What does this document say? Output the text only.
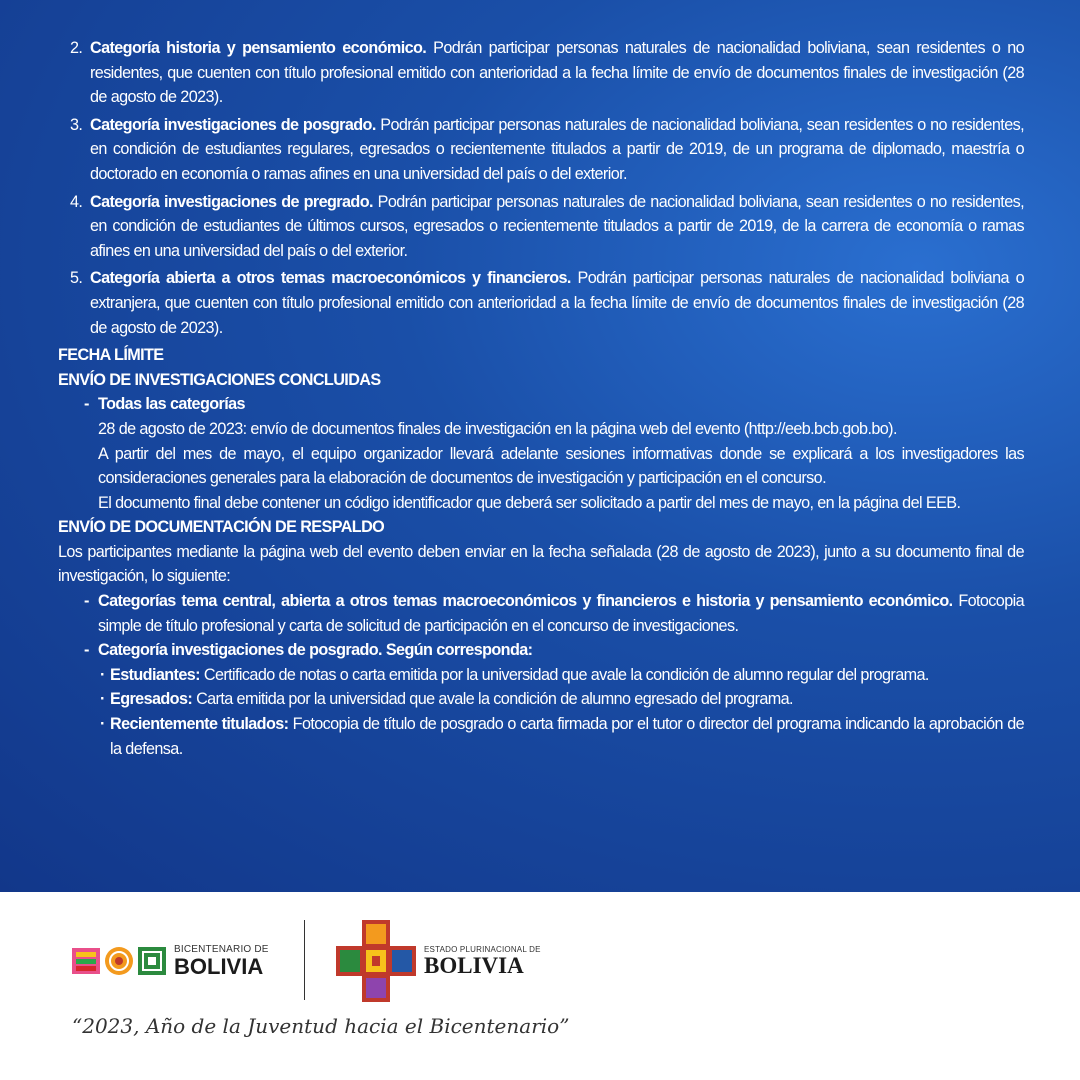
2. Categoría historia y pensamiento económico. Podrán participar personas naturales de nacionalidad boliviana, sean residentes o no residentes, que cuenten con título profesional emitido con anterioridad a la fecha límite de envío de documentos finales de investigación (28 de agosto de 2023).

3. Categoría investigaciones de posgrado. Podrán participar personas naturales de nacionalidad boliviana, sean residentes o no residentes, en condición de estudiantes regulares, egresados o recientemente titulados a partir de 2019, de un programa de diplomado, maestría o doctorado en economía o ramas afines en una universidad del país o del exterior.

4. Categoría investigaciones de pregrado. Podrán participar personas naturales de nacionalidad boliviana, sean residentes o no residentes, en condición de estudiantes de últimos cursos, egresados o recientemente titulados a partir de 2019, de la carrera de economía o ramas afines en una universidad del país o del exterior.

5. Categoría abierta a otros temas macroeconómicos y financieros. Podrán participar personas naturales de nacionalidad boliviana o extranjera, que cuenten con título profesional emitido con anterioridad a la fecha límite de envío de documentos finales de investigación (28 de agosto de 2023).

FECHA LÍMITE

ENVÍO DE INVESTIGACIONES CONCLUIDAS

- Todas las categorías

28 de agosto de 2023: envío de documentos finales de investigación en la página web del evento (http://eeb.bcb.gob.bo).

A partir del mes de mayo, el equipo organizador llevará adelante sesiones informativas donde se explicará a los investigadores las consideraciones generales para la elaboración de documentos de investigación y participación en el concurso.

El documento final debe contener un código identificador que deberá ser solicitado a partir del mes de mayo, en la página del EEB.

ENVÍO DE DOCUMENTACIÓN DE RESPALDO

Los participantes mediante la página web del evento deben enviar en la fecha señalada (28 de agosto de 2023), junto a su documento final de investigación, lo siguiente:

- Categorías tema central, abierta a otros temas macroeconómicos y financieros e historia y pensamiento económico. Fotocopia simple de título profesional y carta de solicitud de participación en el concurso de investigaciones.

- Categoría investigaciones de posgrado. Según corresponda:

· Estudiantes: Certificado de notas o carta emitida por la universidad que avale la condición de alumno regular del programa.

· Egresados: Carta emitida por la universidad que avale la condición de alumno egresado del programa.

· Recientemente titulados: Fotocopia de título de posgrado o carta firmada por el tutor o director del programa indicando la aprobación de la defensa.

BICENTENARIO DE
BOLIVIA
ESTADO PLURINACIONAL DE
BOLIVIA
“2023, Año de la Juventud hacia el Bicentenario”
